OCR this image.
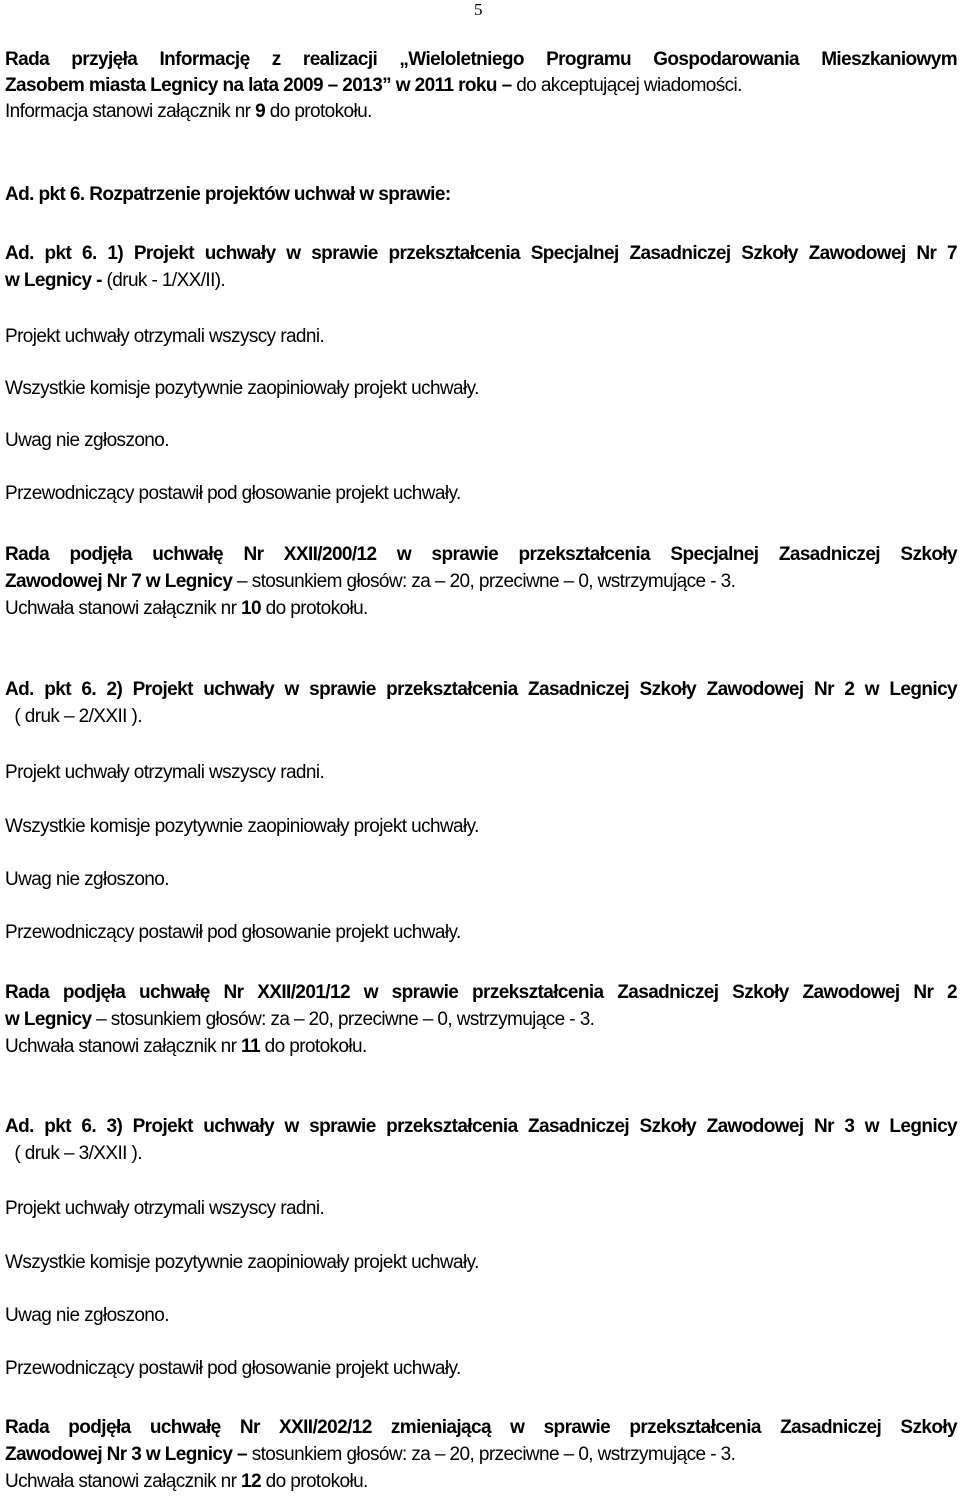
5
Rada przyjęła Informację z realizacji „Wieloletniego Programu Gospodarowania Mieszkaniowym
Zasobem miasta Legnicy na lata 2009 – 2013” w 2011 roku – do akceptującej wiadomości.
Informacja stanowi załącznik nr 9 do protokołu.
Ad. pkt 6. Rozpatrzenie projektów uchwał w sprawie:
Ad. pkt 6. 1) Projekt uchwały w sprawie przekształcenia Specjalnej Zasadniczej Szkoły Zawodowej Nr 7
w Legnicy - (druk - 1/XX/II).
Projekt uchwały otrzymali wszyscy radni.
Wszystkie komisje pozytywnie zaopiniowały projekt uchwały.
Uwag nie zgłoszono.
Przewodniczący postawił pod głosowanie projekt uchwały.
Rada podjęła uchwałę Nr XXII/200/12 w sprawie przekształcenia Specjalnej Zasadniczej Szkoły
Zawodowej Nr 7 w Legnicy – stosunkiem głosów: za – 20, przeciwne – 0, wstrzymujące - 3.
Uchwała stanowi załącznik nr 10 do protokołu.
Ad. pkt 6. 2) Projekt uchwały w sprawie przekształcenia Zasadniczej Szkoły Zawodowej Nr 2 w Legnicy
( druk – 2/XXII ).
Projekt uchwały otrzymali wszyscy radni.
Wszystkie komisje pozytywnie zaopiniowały projekt uchwały.
Uwag nie zgłoszono.
Przewodniczący postawił pod głosowanie projekt uchwały.
Rada podjęła uchwałę Nr XXII/201/12 w sprawie przekształcenia Zasadniczej Szkoły Zawodowej Nr 2
w Legnicy – stosunkiem głosów: za – 20, przeciwne – 0, wstrzymujące - 3.
Uchwała stanowi załącznik nr 11 do protokołu.
Ad. pkt 6. 3) Projekt uchwały w sprawie przekształcenia Zasadniczej Szkoły Zawodowej Nr 3 w Legnicy
( druk – 3/XXII ).
Projekt uchwały otrzymali wszyscy radni.
Wszystkie komisje pozytywnie zaopiniowały projekt uchwały.
Uwag nie zgłoszono.
Przewodniczący postawił pod głosowanie projekt uchwały.
Rada podjęła uchwałę Nr XXII/202/12 zmieniającą w sprawie przekształcenia Zasadniczej Szkoły
Zawodowej Nr 3 w Legnicy – stosunkiem głosów: za – 20, przeciwne – 0, wstrzymujące - 3.
Uchwała stanowi załącznik nr 12 do protokołu.
